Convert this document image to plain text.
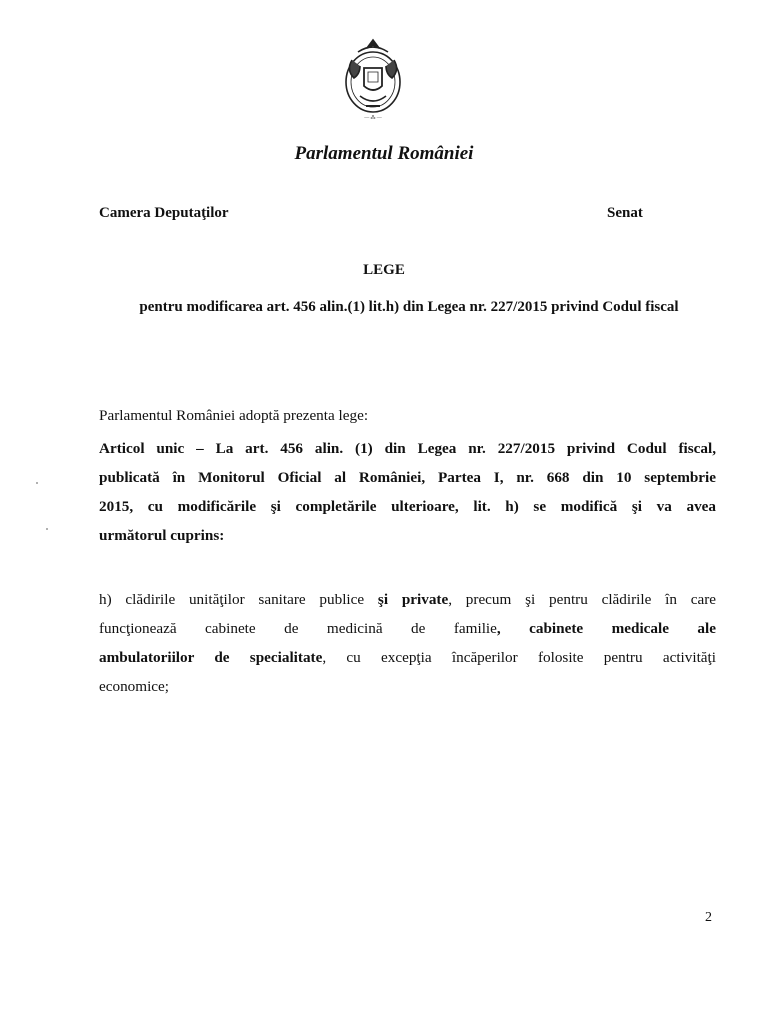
— ⁂ —
Parlamentul României
Camera Deputaţilor	Senat
LEGE
pentru modificarea art. 456 alin.(1) lit.h) din Legea nr. 227/2015 privind Codul fiscal
Parlamentul României adoptă prezenta lege:
Articol unic – La art. 456 alin. (1) din Legea nr. 227/2015 privind Codul fiscal,
publicată în Monitorul Oficial al României, Partea I, nr. 668 din 10 septembrie
2015, cu modificările şi completările ulterioare, lit. h) se modifică şi va avea
următorul cuprins:
h) clădirile unităţilor sanitare publice şi private, precum şi pentru clădirile în care
funcţionează cabinete de medicină de familie, cabinete medicale ale
ambulatoriilor de specialitate, cu excepţia încăperilor folosite pentru activităţi
economice;
2
